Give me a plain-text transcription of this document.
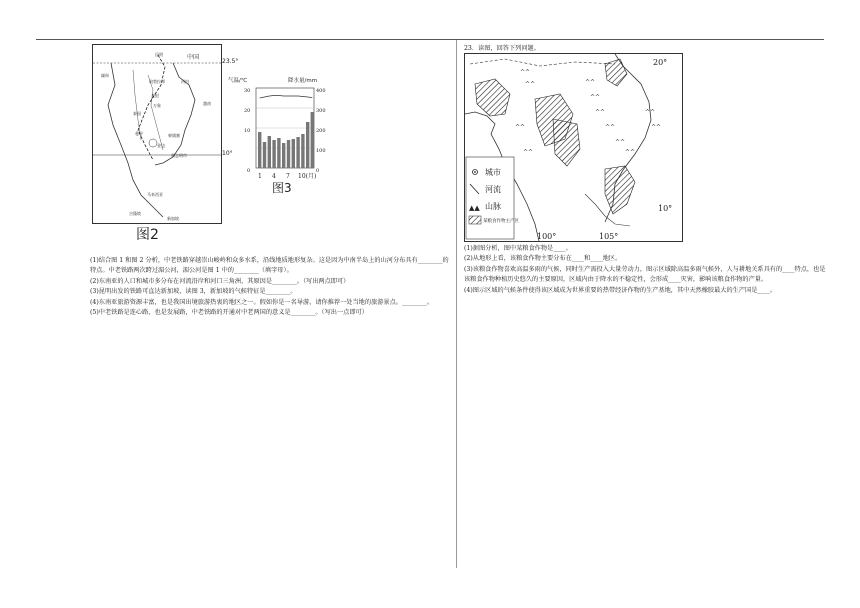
中国
昆明
缅甸
琅勃拉邦
老挝
泰国
万象
曼谷	柬埔寨
金边
胡志明市
新加坡
吉隆坡
马来西亚
河内
越南
23.5°
10°
图2
气温/℃	降水量/mm
30
20
10
0
400
300
200
100
0
1 4 7 10(月)
图3

(1)结合图 1 和图 2 分析，中老铁路穿越崇山峻岭和众多水系，沿线地质地形复杂。这是因为中南半岛上的山河分布具有________的特点。中老铁路两次跨过湄公河，湄公河是图 1 中的________（填字母）。

(2)东南亚的人口和城市多分布在河流沿岸和河口三角洲，其原因是________。（写出两点即可）

(3)昆明出发的铁路可直达新加坡，读图 3，新加坡的气候特征是________。

(4)东南亚旅游资源丰富，也是我国出境旅游热衷的地区之一。假如你是一名导游，请你推荐一处当地的旅游景点。________。

(5)中老铁路是连心路，也是发展路，中老铁路的开通对中老两国的意义是________。（写出一点即可）

23．读图，回答下列问题。
^^
^^	^^
^^
^^
^^
^^
^^
^^
^^
^^
^^
20°
10°
100°	105°
城市
河流
▲▲ 山脉
某粮食作物主产区

(1)据图分析，图中某粮食作物是____。

(2)从地形上看，该粮食作物主要分布在____和____地区。

(3)该粮食作物喜欢高温多雨的气候，同时生产需投入大量劳动力，图示区域除高温多雨气候外，人与耕地关系具有的____特点，也是该粮食作物种植历史悠久的主要原因，区域内由于降水的不稳定性，会形成____灾害，影响该粮食作物的产量。

(4)图示区域的气候条件使得该区域成为世界重要的热带经济作物的生产基地，其中天然橡胶最大的生产国是____。
